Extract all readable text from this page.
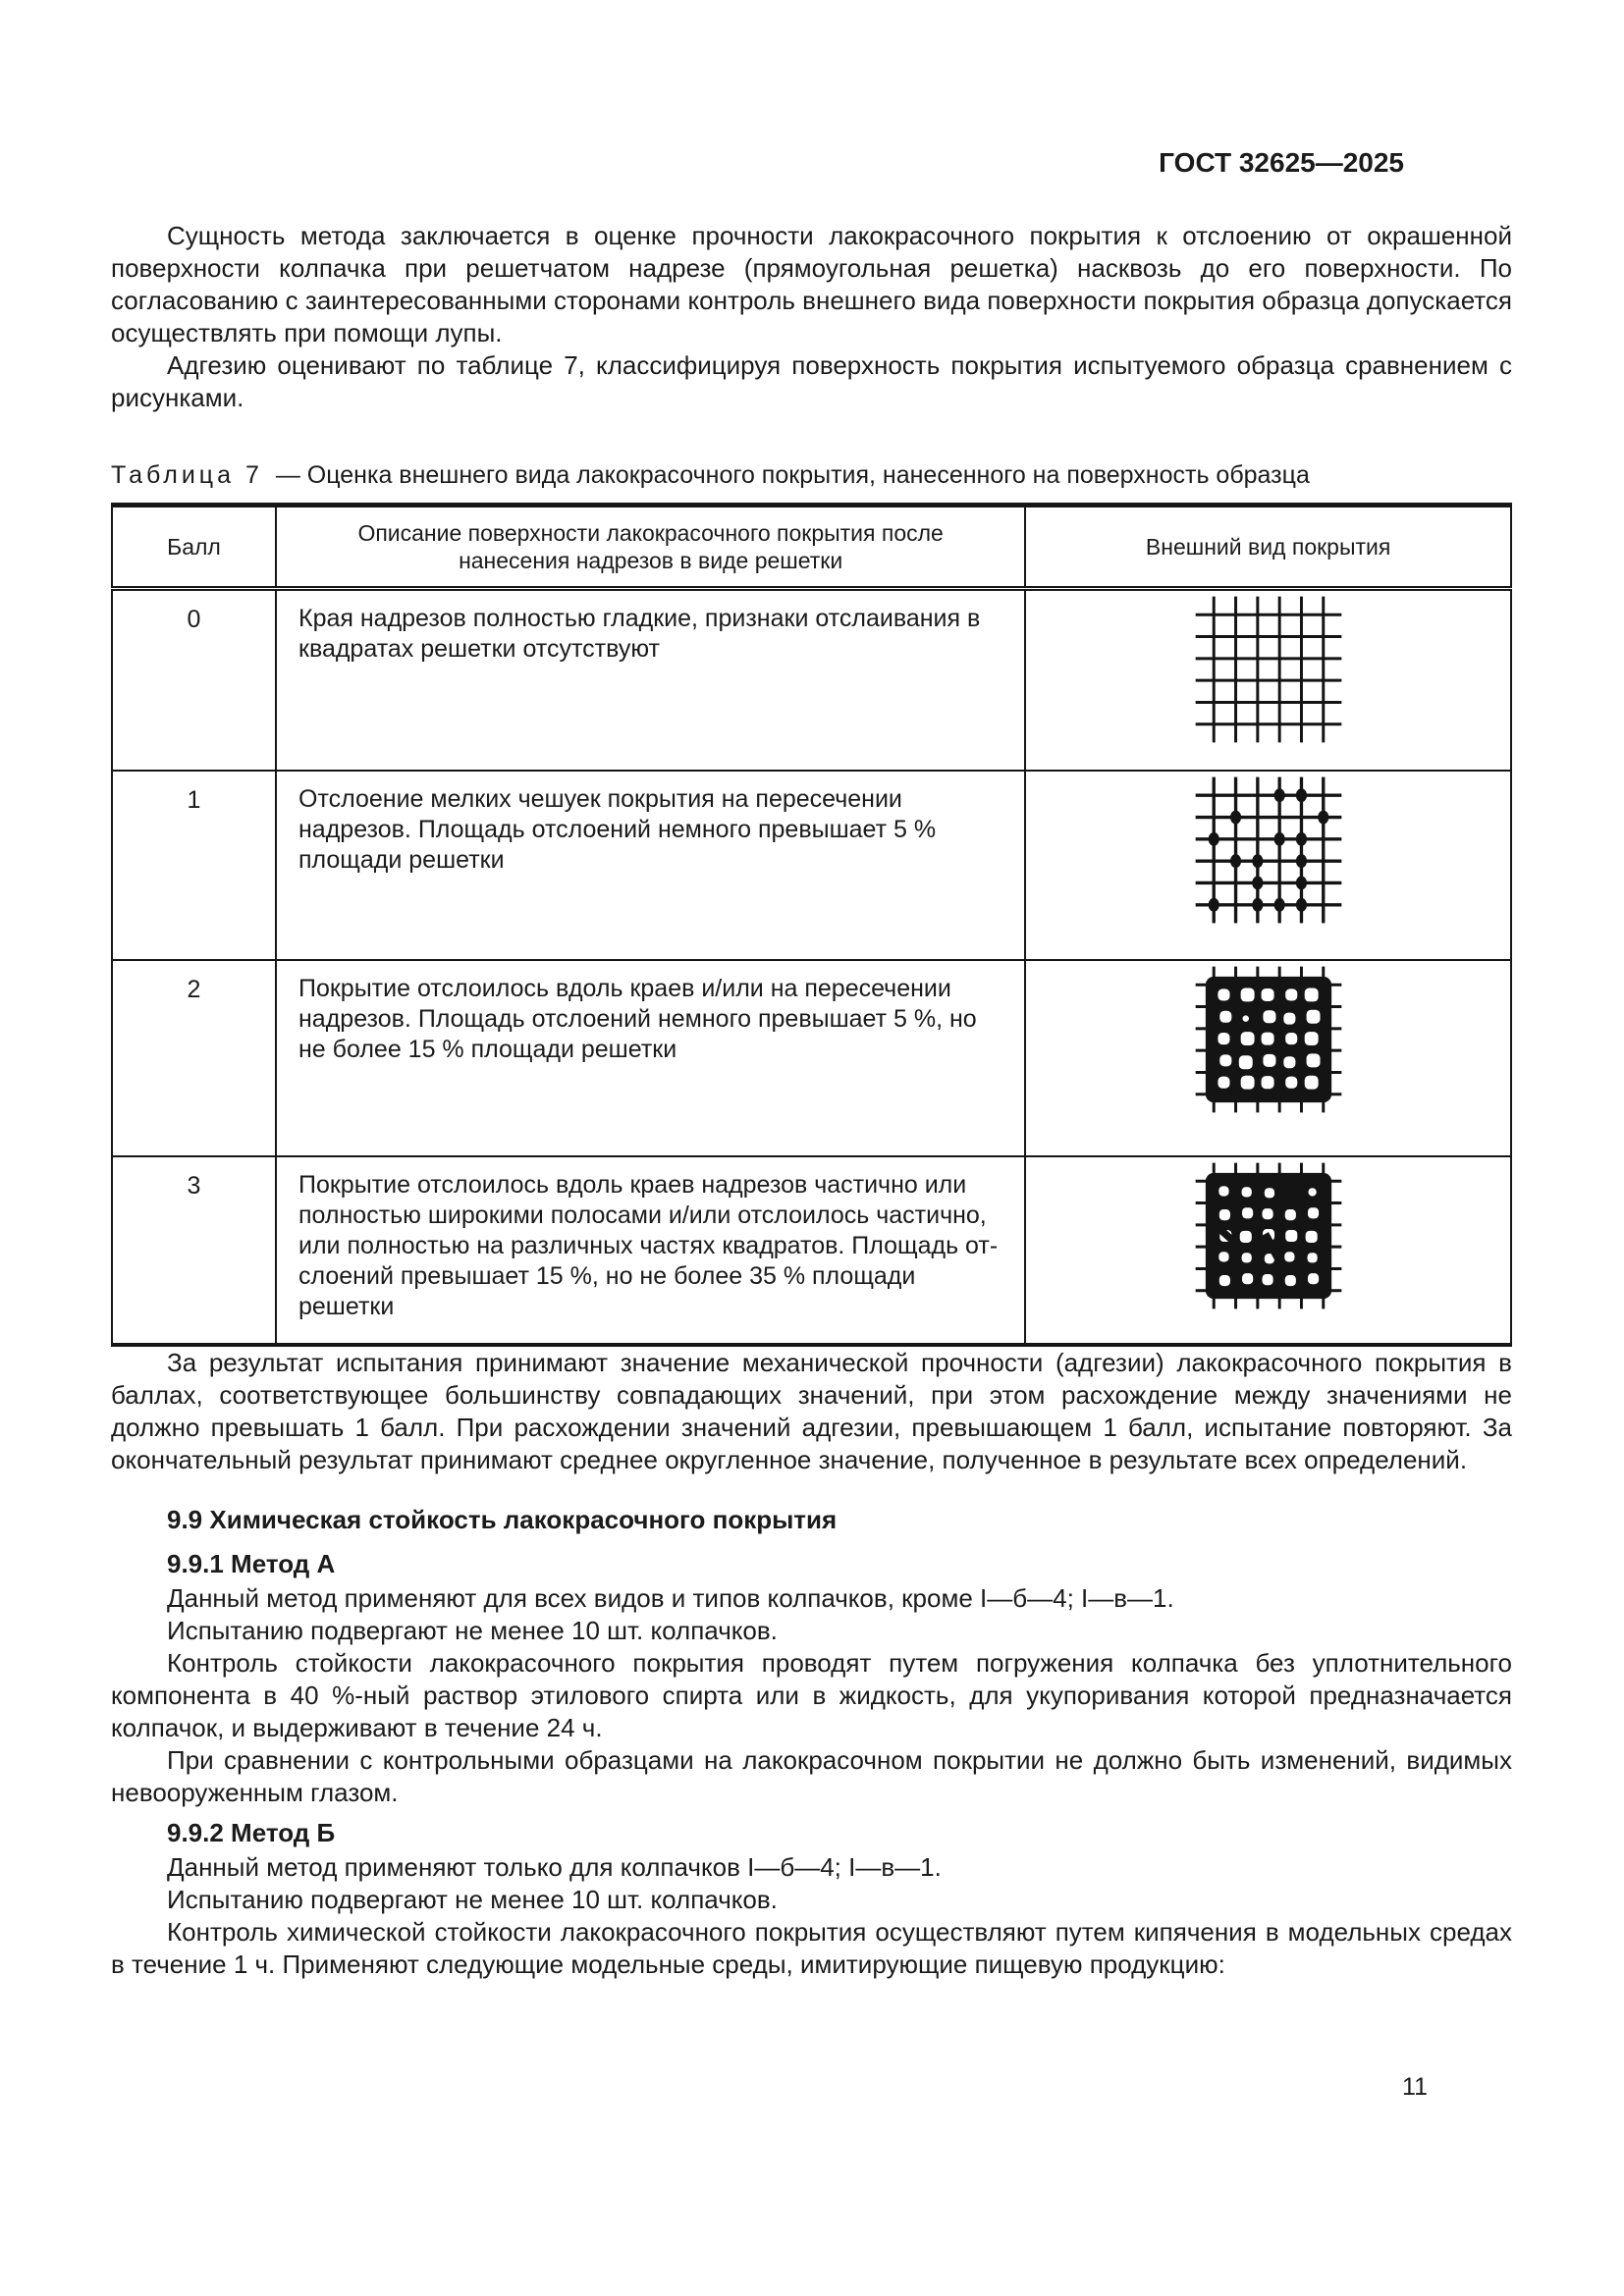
ГОСТ 32625—2025

Сущность метода заключается в оценке прочности лакокрасочного покрытия к отслоению от окрашенной поверхности колпачка при решетчатом надрезе (прямоугольная решетка) насквозь до его поверхности. По согласованию с заинтересованными сторонами контроль внешнего вида поверхности покрытия образца допускается осуществлять при помощи лупы.

Адгезию оценивают по таблице 7, классифицируя поверхность покрытия испытуемого образца сравнением с рисунками.

Таблица 7 — Оценка внешнего вида лакокрасочного покрытия, нанесенного на поверхность образца

Балл	Описание поверхности лакокрасочного покрытия после нанесения надрезов в виде решетки	Внешний вид покрытия
0	Края надрезов полностью гладкие, признаки отслаивания в квадратах решетки отсутствуют	

1	Отслоение мелких чешуек покрытия на пересечении надрезов. Площадь отслоений немного превышает 5 % площади решетки	

2	Покрытие отслоилось вдоль краев и/или на пересечении надрезов. Площадь отслоений немного превышает 5 %, но не более 15 % площади решетки	

3	Покрытие отслоилось вдоль краев надрезов частично или полностью широкими полосами и/или отслоилось частично, или полностью на различных частях квадратов. Площадь отслоений превышает 15 %, но не более 35 % площади решетки	

За результат испытания принимают значение механической прочности (адгезии) лакокрасочного покрытия в баллах, соответствующее большинству совпадающих значений, при этом расхождение между значениями не должно превышать 1 балл. При расхождении значений адгезии, превышающем 1 балл, испытание повторяют. За окончательный результат принимают среднее округленное значение, полученное в результате всех определений.

9.9 Химическая стойкость лакокрасочного покрытия
9.9.1 Метод А

Данный метод применяют для всех видов и типов колпачков, кроме I—б—4; I—в—1.

Испытанию подвергают не менее 10 шт. колпачков.

Контроль стойкости лакокрасочного покрытия проводят путем погружения колпачка без уплотнительного компонента в 40 %-ный раствор этилового спирта или в жидкость, для укупоривания которой предназначается колпачок, и выдерживают в течение 24 ч.

При сравнении с контрольными образцами на лакокрасочном покрытии не должно быть изменений, видимых невооруженным глазом.

9.9.2 Метод Б

Данный метод применяют только для колпачков I—б—4; I—в—1.

Испытанию подвергают не менее 10 шт. колпачков.

Контроль химической стойкости лакокрасочного покрытия осуществляют путем кипячения в модельных средах в течение 1 ч. Применяют следующие модельные среды, имитирующие пищевую продукцию:

11
